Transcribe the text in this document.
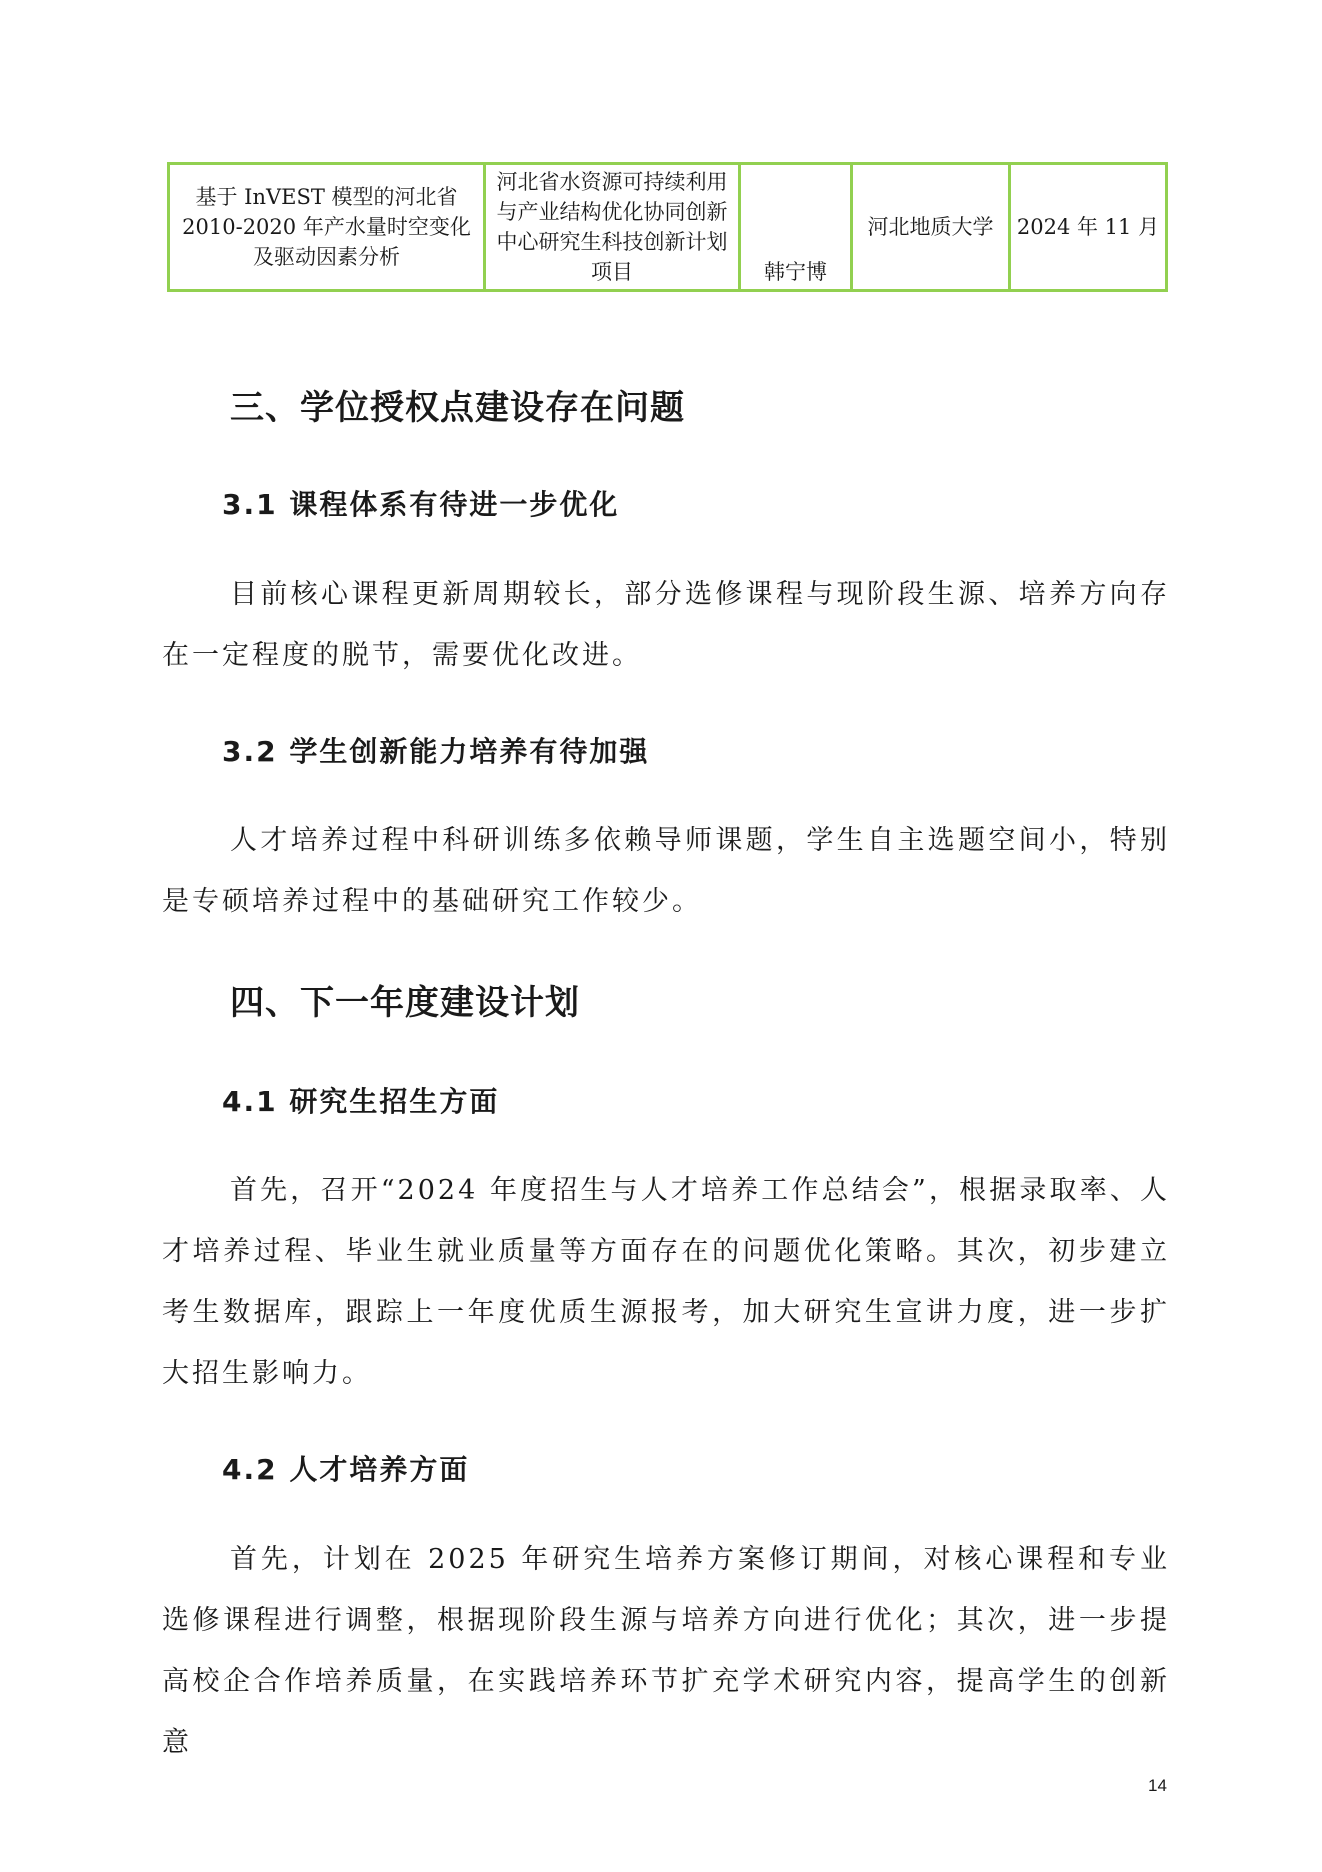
基于 InVEST 模型的河北省2010-2020 年产水量时空变化及驱动因素分析	河北省水资源可持续利用与产业结构优化协同创新中心研究生科技创新计划项目	韩宁博	河北地质大学	2024 年 11 月
三、学位授权点建设存在问题
3.1 课程体系有待进一步优化

目前核心课程更新周期较长，部分选修课程与现阶段生源、培养方向存在一定程度的脱节，需要优化改进。

3.2 学生创新能力培养有待加强

人才培养过程中科研训练多依赖导师课题，学生自主选题空间小，特别是专硕培养过程中的基础研究工作较少。

四、下一年度建设计划
4.1 研究生招生方面

首先，召开“2024 年度招生与人才培养工作总结会”，根据录取率、人才培养过程、毕业生就业质量等方面存在的问题优化策略。其次，初步建立考生数据库，跟踪上一年度优质生源报考，加大研究生宣讲力度，进一步扩大招生影响力。

4.2 人才培养方面

首先，计划在 2025 年研究生培养方案修订期间，对核心课程和专业选修课程进行调整，根据现阶段生源与培养方向进行优化；其次，进一步提高校企合作培养质量，在实践培养环节扩充学术研究内容，提高学生的创新意

14
